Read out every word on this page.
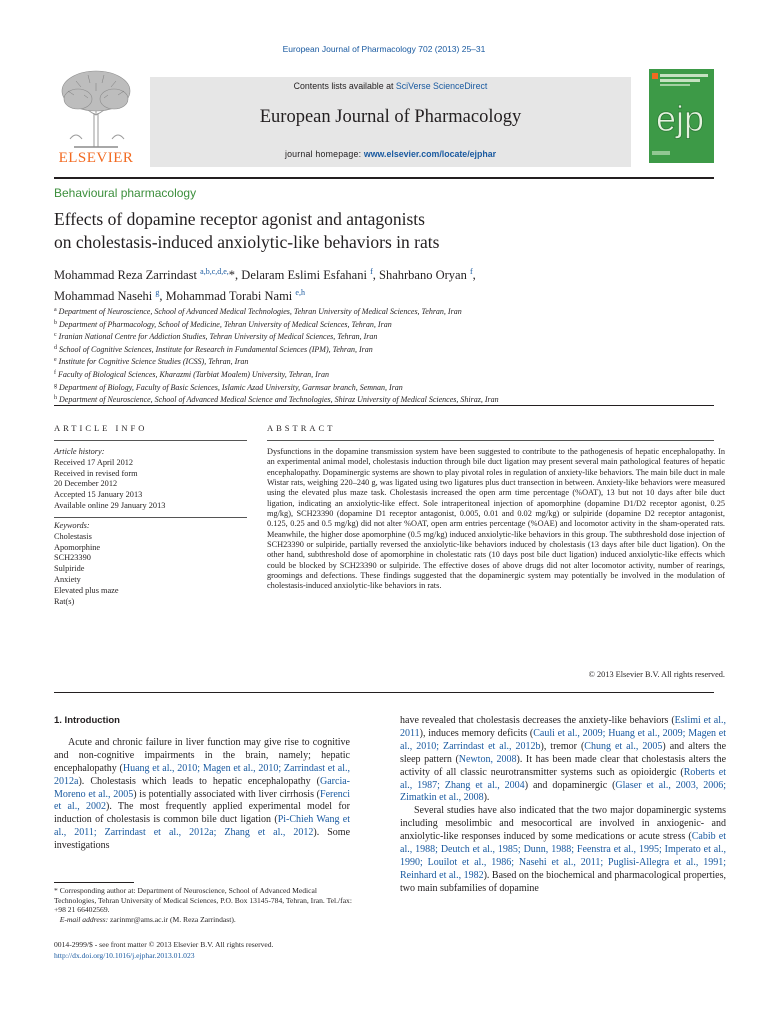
European Journal of Pharmacology 702 (2013) 25–31
ELSEVIER
Contents lists available at SciVerse ScienceDirect
European Journal of Pharmacology
journal homepage: www.elsevier.com/locate/ejphar
ejp
Behavioural pharmacology
Effects of dopamine receptor agonist and antagonists
on cholestasis-induced anxiolytic-like behaviors in rats
Mohammad Reza Zarrindast $^{a,b,c,d,e,}$*, Delaram Eslimi Esfahani $^f$, Shahrbano Oryan $^f$,
Mohammad Nasehi $^g$, Mohammad Torabi Nami $^{e,h}$
$^a$ Department of Neuroscience, School of Advanced Medical Technologies, Tehran University of Medical Sciences, Tehran, Iran
$^b$ Department of Pharmacology, School of Medicine, Tehran University of Medical Sciences, Tehran, Iran
$^c$ Iranian National Centre for Addiction Studies, Tehran University of Medical Sciences, Tehran, Iran
$^d$ School of Cognitive Sciences, Institute for Research in Fundamental Sciences (IPM), Tehran, Iran
$^e$ Institute for Cognitive Science Studies (ICSS), Tehran, Iran
$^f$ Faculty of Biological Sciences, Kharazmi (Tarbiat Moalem) University, Tehran, Iran
$^g$ Department of Biology, Faculty of Basic Sciences, Islamic Azad University, Garmsar branch, Semnan, Iran
$^h$ Department of Neuroscience, School of Advanced Medical Science and Technologies, Shiraz University of Medical Sciences, Shiraz, Iran
ARTICLE INFO
Article history:
Received 17 April 2012
Received in revised form
20 December 2012
Accepted 15 January 2013
Available online 29 January 2013
Keywords:
Cholestasis
Apomorphine
SCH23390
Sulpiride
Anxiety
Elevated plus maze
Rat(s)
ABSTRACT
Dysfunctions in the dopamine transmission system have been suggested to contribute to the pathogenesis of hepatic encephalopathy. In an experimental animal model, cholestasis induction through bile duct ligation may present several main pathological features of hepatic encephalopathy. Dopaminergic systems are shown to play pivotal roles in regulation of anxiety-like behaviors. The main bile duct in male Wistar rats, weighing 220–240 g, was ligated using two ligatures plus duct transection in between. Anxiety-like behaviors were measured using the elevated plus maze task. Cholestasis increased the open arm time percentage (%OAT), 13 but not 10 days after bile duct ligation, indicating an anxiolytic-like effect. Sole intraperitoneal injection of apomorphine (dopamine D1/D2 receptor agonist, 0.25 mg/kg), SCH23390 (dopamine D1 receptor antagonist, 0.005, 0.01 and 0.02 mg/kg) or sulpiride (dopamine D2 receptor antagonist, 0.125, 0.25 and 0.5 mg/kg) did not alter %OAT, open arm entries percentage (%OAE) and locomotor activity in the sham-operated rats. Meanwhile, the higher dose apomorphine (0.5 mg/kg) induced anxiolytic-like behaviors in this group. The subthreshold dose injection of SCH23390 or sulpiride, partially reversed the anxiolytic-like behaviors induced by cholestasis (13 days after bile duct ligation). On the other hand, subthreshold dose of apomorphine in cholestatic rats (10 days post bile duct ligation) induced anxiolytic-like effects which could be blocked by SCH23390 or sulpiride. The effective doses of above drugs did not alter locomotor activity, number of rearings, groomings and defections. These findings suggested that the dopaminergic system may potentially be involved in the modulation of cholestasis-induced anxiolytic-like behaviors in rats.
© 2013 Elsevier B.V. All rights reserved.
1. Introduction

Acute and chronic failure in liver function may give rise to cognitive and non-cognitive impairments in the brain, namely; hepatic encephalopathy (Huang et al., 2010; Magen et al., 2010; Zarrindast et al., 2012a). Cholestasis which leads to hepatic encephalopathy (Garcia-Moreno et al., 2005) is potentially associated with liver cirrhosis (Ferenci et al., 2002). The most frequently applied experimental model for induction of cholestasis is common bile duct ligation (Pi-Chieh Wang et al., 2011; Zarrindast et al., 2012a; Zhang et al., 2012). Some investigations

have revealed that cholestasis decreases the anxiety-like behaviors (Eslimi et al., 2011), induces memory deficits (Cauli et al., 2009; Huang et al., 2009; Magen et al., 2010; Zarrindast et al., 2012b), tremor (Chung et al., 2005) and alters the sleep pattern (Newton, 2008). It has been made clear that cholestasis alters the activity of all classic neurotransmitter systems such as opioidergic (Roberts et al., 1987; Zhang et al., 2004) and dopaminergic (Glaser et al., 2003, 2006; Zimatkin et al., 2008).

Several studies have also indicated that the two major dopaminergic systems including mesolimbic and mesocortical are involved in anxiogenic- and anxiolytic-like responses induced by some medications or acute stress (Cabib et al., 1988; Deutch et al., 1985; Dunn, 1988; Feenstra et al., 1995; Imperato et al., 1990; Louilot et al., 1986; Nasehi et al., 2011; Puglisi-Allegra et al., 1991; Reinhard et al., 1982). Based on the biochemical and pharmacological properties, two main subfamilies of dopamine

* Corresponding author at: Department of Neuroscience, School of Advanced Medical Technologies, Tehran University of Medical Sciences, P.O. Box 13145-784, Tehran, Iran. Tel./fax: +98 21 66402569.
E-mail address: zarinmr@ams.ac.ir (M. Reza Zarrindast).
0014-2999/$ - see front matter © 2013 Elsevier B.V. All rights reserved.
http://dx.doi.org/10.1016/j.ejphar.2013.01.023
